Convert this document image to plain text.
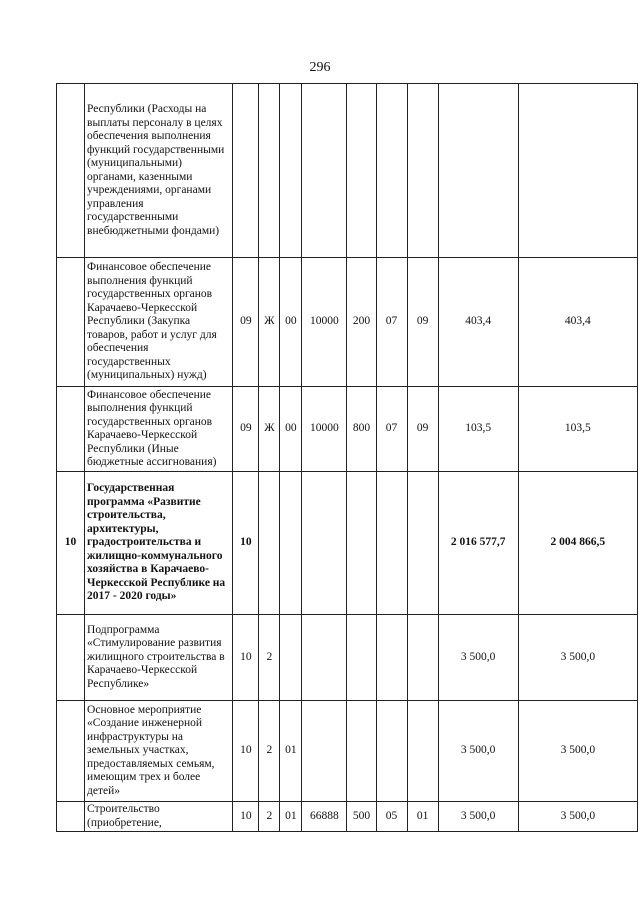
296
	Республики (Расходы на выплаты персоналу в целях обеспечения выполнения функций государственными (муниципальными) органами, казенными учреждениями, органами управления государственными внебюджетными фондами)									
	Финансовое обеспечение выполнения функций государственных органов Карачаево-Черкесской Республики (Закупка товаров, работ и услуг для обеспечения государственных (муниципальных) нужд)	09	Ж	00	10000	200	07	09	403,4	403,4
	Финансовое обеспечение выполнения функций государственных органов Карачаево-Черкесской Республики (Иные бюджетные ассигнования)	09	Ж	00	10000	800	07	09	103,5	103,5
10	Государственная программа «Развитие строительства, архитектуры, градостроительства и жилищно-коммунального хозяйства в Карачаево-Черкесской Республике на 2017 - 2020 годы»	10							2 016 577,7	2 004 866,5
	Подпрограмма «Стимулирование развития жилищного строительства в Карачаево-Черкесской Республике»	10	2						3 500,0	3 500,0
	Основное мероприятие «Создание инженерной инфраструктуры на земельных участках, предоставляемых семьям, имеющим трех и более детей»	10	2	01					3 500,0	3 500,0
	Строительство (приобретение,	10	2	01	66888	500	05	01	3 500,0	3 500,0
